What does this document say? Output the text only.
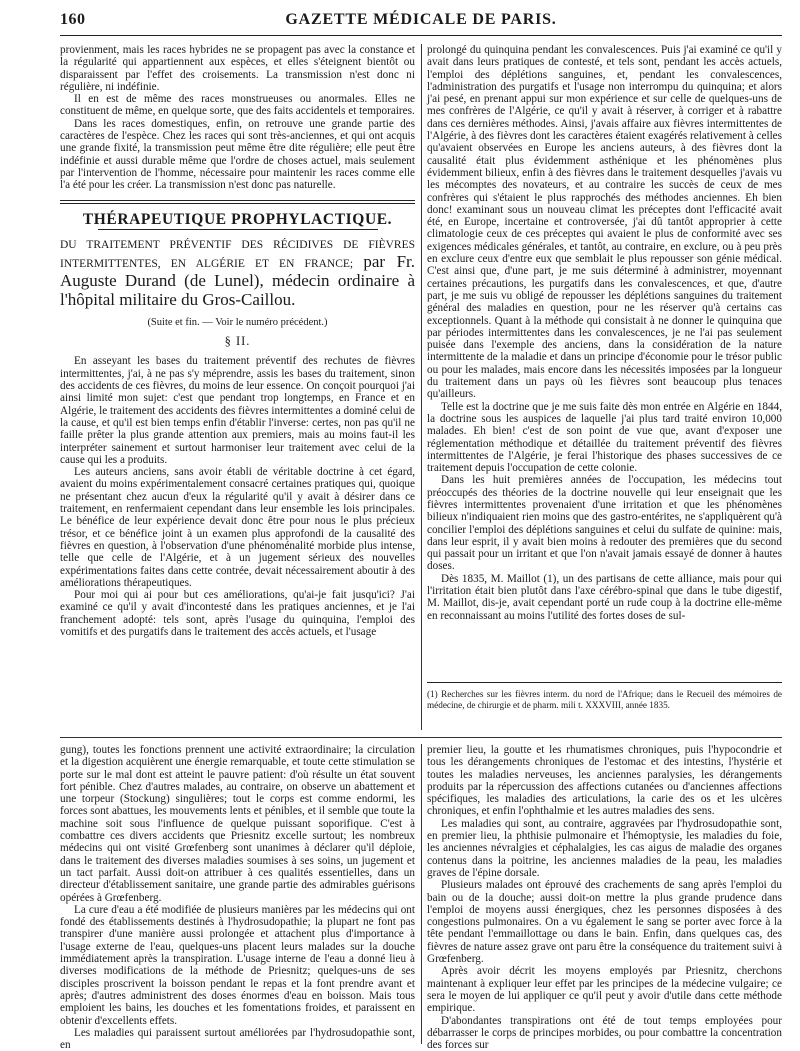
160	GAZETTE MÉDICALE DE PARIS.

provienment, mais les races hybrides ne se propagent pas avec la constance et la régularité qui appartiennent aux espèces, et elles s'éteignent bientôt ou disparaissent par l'effet des croisements. La transmission n'est donc ni régulière, ni indéfinie.

Il en est de même des races monstrueuses ou anormales. Elles ne constituent de même, en quelque sorte, que des faits accidentels et temporaires.

Dans les races domestiques, enfin, on retrouve une grande partie des caractères de l'espèce. Chez les races qui sont très-anciennes, et qui ont acquis une grande fixité, la transmission peut même être dite régulière; elle peut être indéfinie et aussi durable même que l'ordre de choses actuel, mais seulement par l'intervention de l'homme, nécessaire pour maintenir les races comme elle l'a été pour les créer. La transmission n'est donc pas naturelle.

THÉRAPEUTIQUE PROPHYLACTIQUE.

DU TRAITEMENT PRÉVENTIF DES RÉCIDIVES DE FIÈVRES INTERMITTENTES, EN ALGÉRIE ET EN FRANCE; par Fr. Auguste Durand (de Lunel), médecin ordinaire à l'hôpital militaire du Gros-Caillou.

(Suite et fin. — Voir le numéro précédent.)
§ II.

En asseyant les bases du traitement préventif des rechutes de fièvres intermittentes, j'ai, à ne pas s'y méprendre, assis les bases du traitement, sinon des accidents de ces fièvres, du moins de leur essence. On conçoit pourquoi j'ai ainsi limité mon sujet: c'est que pendant trop longtemps, en France et en Algérie, le traitement des accidents des fièvres intermittentes a dominé celui de la cause, et qu'il est bien temps enfin d'établir l'inverse: certes, non pas qu'il ne faille prêter la plus grande attention aux premiers, mais au moins faut-il les interpréter sainement et surtout harmoniser leur traitement avec celui de la cause qui les a produits.

Les auteurs anciens, sans avoir établi de véritable doctrine à cet égard, avaient du moins expérimentalement consacré certaines pratiques qui, quoique ne présentant chez aucun d'eux la régularité qu'il y avait à désirer dans ce traitement, en renfermaient cependant dans leur ensemble les lois principales. Le bénéfice de leur expérience devait donc être pour nous le plus précieux trésor, et ce bénéfice joint à un examen plus approfondi de la causalité des fièvres en question, à l'observation d'une phénoménalité morbide plus intense, telle que celle de l'Algérie, et à un jugement sérieux des nouvelles expérimentations faites dans cette contrée, devait nécessairement aboutir à des améliorations thérapeutiques.

Pour moi qui ai pour but ces améliorations, qu'ai-je fait jusqu'ici? J'ai examiné ce qu'il y avait d'incontesté dans les pratiques anciennes, et je l'ai franchement adopté: tels sont, après l'usage du quinquina, l'emploi des vomitifs et des purgatifs dans le traitement des accès actuels, et l'usage

prolongé du quinquina pendant les convalescences. Puis j'ai examiné ce qu'il y avait dans leurs pratiques de contesté, et tels sont, pendant les accès actuels, l'emploi des déplétions sanguines, et, pendant les convalescences, l'administration des purgatifs et l'usage non interrompu du quinquina; et alors j'ai pesé, en prenant appui sur mon expérience et sur celle de quelques-uns de mes confrères de l'Algérie, ce qu'il y avait à réserver, à corriger et à rabattre dans ces dernières méthodes. Ainsi, j'avais affaire aux fièvres intermittentes de l'Algérie, à des fièvres dont les caractères étaient exagérés relativement à celles qu'avaient observées en Europe les anciens auteurs, à des fièvres dont la causalité était plus évidemment asthénique et les phénomènes plus évidemment bilieux, enfin à des fièvres dans le traitement desquelles j'avais vu les mécomptes des novateurs, et au contraire les succès de ceux de mes confrères qui s'étaient le plus rapprochés des méthodes anciennes. Eh bien donc! examinant sous un nouveau climat les préceptes dont l'efficacité avait été, en Europe, incertaine et controversée, j'ai dû tantôt approprier à cette climatologie ceux de ces préceptes qui avaient le plus de conformité avec ses exigences médicales générales, et tantôt, au contraire, en exclure, ou à peu près en exclure ceux d'entre eux que semblait le plus repousser son génie médical. C'est ainsi que, d'une part, je me suis déterminé à administrer, moyennant certaines précautions, les purgatifs dans les convalescences, et que, d'autre part, je me suis vu obligé de repousser les déplétions sanguines du traitement général des maladies en question, pour ne les réserver qu'à certains cas exceptionnels. Quant à la méthode qui consistait à ne donner le quinquina que par périodes intermittentes dans les convalescences, je ne l'ai pas seulement puisée dans l'exemple des anciens, dans la considération de la nature intermittente de la maladie et dans un principe d'économie pour le trésor public ou pour les malades, mais encore dans les nécessités imposées par la longueur du traitement dans un pays où les fièvres sont beaucoup plus tenaces qu'ailleurs.

Telle est la doctrine que je me suis faite dès mon entrée en Algérie en 1844, la doctrine sous les auspices de laquelle j'ai plus tard traité environ 10,000 malades. Eh bien! c'est de son point de vue que, avant d'exposer une réglementation méthodique et détaillée du traitement préventif des fièvres intermittentes de l'Algérie, je ferai l'historique des phases successives de ce traitement depuis l'occupation de cette colonie.

Dans les huit premières années de l'occupation, les médecins tout préoccupés des théories de la doctrine nouvelle qui leur enseignait que les fièvres intermittentes provenaient d'une irritation et que les phénomènes bilieux n'indiquaient rien moins que des gastro-entérites, ne s'appliquèrent qu'à concilier l'emploi des déplétions sanguines et celui du sulfate de quinine: mais, dans leur esprit, il y avait bien moins à redouter des premières que du second qui passait pour un irritant et que l'on n'avait jamais essayé de donner à hautes doses.

Dès 1835, M. Maillot (1), un des partisans de cette alliance, mais pour qui l'irritation était bien plutôt dans l'axe cérébro-spinal que dans le tube digestif, M. Maillot, dis-je, avait cependant porté un rude coup à la doctrine elle-même en reconnaissant au moins l'utilité des fortes doses de sul-

(1) Recherches sur les fièvres interm. du nord de l'Afrique; dans le Recueil des mémoires de médecine, de chirurgie et de pharm. mili t. XXXVIII, année 1835.

gung), toutes les fonctions prennent une activité extraordinaire; la circulation et la digestion acquièrent une énergie remarquable, et toute cette stimulation se porte sur le mal dont est atteint le pauvre patient: d'où résulte un état souvent fort pénible. Chez d'autres malades, au contraire, on observe un abattement et une torpeur (Stockung) singulières; tout le corps est comme endormi, les forces sont abattues, les mouvements lents et pénibles, et il semble que toute la machine soit sous l'influence de quelque puissant soporifique. C'est à combattre ces divers accidents que Priesnitz excelle surtout; les nombreux médecins qui ont visité Grœfenberg sont unanimes à déclarer qu'il déploie, dans le traitement des diverses maladies soumises à ses soins, un jugement et un tact parfait. Aussi doit-on attribuer à ces qualités essentielles, dans un directeur d'établissement sanitaire, une grande partie des admirables guérisons opérées à Grœfenberg.

La cure d'eau a été modifiée de plusieurs manières par les médecins qui ont fondé des établissements destinés à l'hydrosudopathie; la plupart ne font pas transpirer d'une manière aussi prolongée et attachent plus d'importance à l'usage externe de l'eau, quelques-uns placent leurs malades sur la douche immédiatement après la transpiration. L'usage interne de l'eau a donné lieu à diverses modifications de la méthode de Priesnitz; quelques-uns de ses disciples proscrivent la boisson pendant le repas et la font prendre avant et après; d'autres administrent des doses énormes d'eau en boisson. Mais tous emploient les bains, les douches et les fomentations froides, et paraissent en obtenir d'excellents effets.

Les maladies qui paraissent surtout améliorées par l'hydrosudopathie sont, en

premier lieu, la goutte et les rhumatismes chroniques, puis l'hypocondrie et tous les dérangements chroniques de l'estomac et des intestins, l'hystérie et toutes les maladies nerveuses, les anciennes paralysies, les dérangements produits par la répercussion des affections cutanées ou d'anciennes affections spécifiques, les maladies des articulations, la carie des os et les ulcères chroniques, et enfin l'ophthalmie et les autres maladies des sens.

Les maladies qui sont, au contraire, aggravées par l'hydrosudopathie sont, en premier lieu, la phthisie pulmonaire et l'hémoptysie, les maladies du foie, les anciennes névralgies et céphalalgies, les cas aigus de maladie des organes contenus dans la poitrine, les anciennes maladies de la peau, les maladies graves de l'épine dorsale.

Plusieurs malades ont éprouvé des crachements de sang après l'emploi du bain ou de la douche; aussi doit-on mettre la plus grande prudence dans l'emploi de moyens aussi énergiques, chez les personnes disposées à des congestions pulmonaires. On a vu également le sang se porter avec force à la tête pendant l'emmaillottage ou dans le bain. Enfin, dans quelques cas, des fièvres de nature assez grave ont paru être la conséquence du traitement suivi à Grœfenberg.

Après avoir décrit les moyens employés par Priesnitz, cherchons maintenant à expliquer leur effet par les principes de la médecine vulgaire; ce sera le moyen de lui appliquer ce qu'il peut y avoir d'utile dans cette méthode empirique.

D'abondantes transpirations ont été de tout temps employées pour débarrasser le corps de principes morbides, ou pour combattre la concentration des forces sur
